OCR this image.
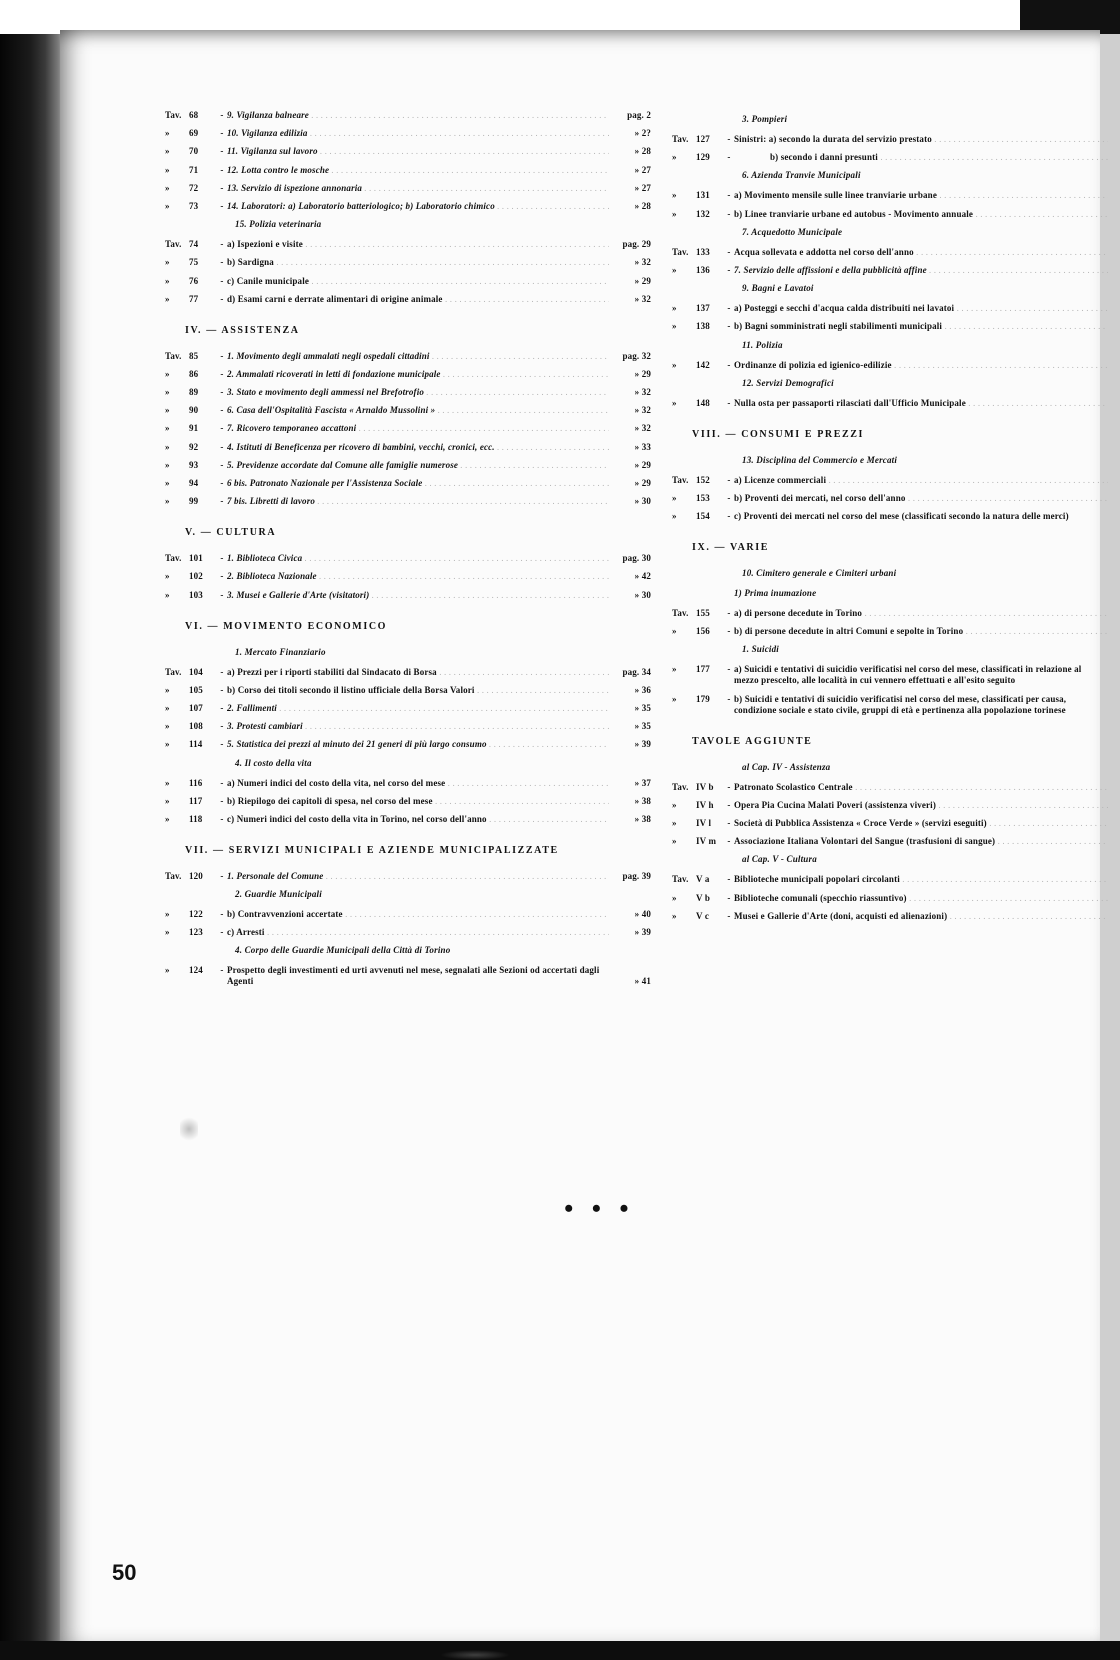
Tav. 68	- 9. Vigilanza balneare . . .	pag. 2
»	69	- 10. Vigilanza edilizia . . .	» 2?
»	70	- 11. Vigilanza sul lavoro . . .	» 28
»	71	- 12. Lotta contro le mosche . . .	» 27
»	72	- 13. Servizio di ispezione annonaria . . .	» 27
»	73	- 14. Laboratori: a) Laboratorio batteriologico; b) Laboratorio chimico . . .	» 28
15. Polizia veterinaria
Tav. 74	- a) Ispezioni e visite . . .	pag. 29
»	75	- b) Sardigna . . .	» 32
»	76	- c) Canile municipale . . .	» 29
»	77	- d) Esami carni e derrate alimentari di origine animale . . .	» 32
IV. — ASSISTENZA
Tav. 85	- 1. Movimento degli ammalati negli ospedali cittadini . . .	pag. 32
»	86	- 2. Ammalati ricoverati in letti di fondazione municipale . . .	» 29
»	89	- 3. Stato e movimento degli ammessi nel Brefotrofio . . .	» 32
»	90	- 6. Casa dell'Ospitalità Fascista « Arnaldo Mussolini » . . .	» 32
»	91	- 7. Ricovero temporaneo accattoni . . .	» 32
»	92	- 4. Istituti di Beneficenza per ricovero di bambini, vecchi, cronici, ecc. . . .	» 33
»	93	- 5. Previdenze accordate dal Comune alle famiglie numerose . . .	» 29
»	94	- 6 bis. Patronato Nazionale per l'Assistenza Sociale . . .	» 29
»	99	- 7 bis. Libretti di lavoro . . .	» 30
V. — CULTURA
Tav. 101	- 1. Biblioteca Civica . . .	pag. 30
»	102	- 2. Biblioteca Nazionale . . .	» 42
»	103	- 3. Musei e Gallerie d'Arte (visitatori) . . .	» 30
VI. — MOVIMENTO ECONOMICO
1. Mercato Finanziario
Tav. 104	- a) Prezzi per i riporti stabiliti dal Sindacato di Borsa . . .	pag. 34
»	105	- b) Corso dei titoli secondo il listino ufficiale della Borsa Valori . . .	» 36
»	107	- 2. Fallimenti . . .	» 35
»	108	- 3. Protesti cambiari . . .	» 35
»	114	- 5. Statistica dei prezzi al minuto dei 21 generi di più largo consumo . . .	» 39
4. Il costo della vita
»	116	- a) Numeri indici del costo della vita, nel corso del mese . . .	» 37
»	117	- b) Riepilogo dei capitoli di spesa, nel corso del mese . . .	» 38
»	118	- c) Numeri indici del costo della vita in Torino, nel corso dell'anno . . .	» 38
VII. — SERVIZI MUNICIPALI E AZIENDE MUNICIPALIZZATE
Tav. 120	- 1. Personale del Comune . . .	pag. 39
2. Guardie Municipali
»	122	- b) Contravvenzioni accertate . . .	» 40
»	123	- c) Arresti . . .	» 39
4. Corpo delle Guardie Municipali della Città di Torino
»	124	- Prospetto degli investimenti ed urti avvenuti nel mese, segnalati alle Sezioni od accertati dagli Agenti	» 41
3. Pompieri
Tav. 127	- Sinistri: a) secondo la durata del servizio prestato . . .
»	129	-	b) secondo i danni presunti . . .
6. Azienda Tranvie Municipali
»	131	- a) Movimento mensile sulle linee tranviarie urbane . . .
»	132	- b) Linee tranviarie urbane ed autobus - Movimento annuale . . .
7. Acquedotto Municipale
Tav. 133	- Acqua sollevata e addotta nel corso dell'anno . . .
»	136	- 7. Servizio delle affissioni e della pubblicità affine . . .
9. Bagni e Lavatoi
»	137	- a) Posteggi e secchi d'acqua calda distribuiti nei lavatoi . . .
»	138	- b) Bagni somministrati negli stabilimenti municipali . . .
11. Polizia
»	142	- Ordinanze di polizia ed igienico-edilizie . . .
12. Servizi Demografici
»	148	- Nulla osta per passaporti rilasciati dall'Ufficio Municipale . . .
VIII. — CONSUMI E PREZZI
13. Disciplina del Commercio e Mercati
Tav. 152	- a) Licenze commerciali . . .
»	153	- b) Proventi dei mercati, nel corso dell'anno . . .
»	154	- c) Proventi dei mercati nel corso del mese (classificati secondo la natura delle merci)
IX. — VARIE
10. Cimitero generale e Cimiteri urbani
1) Prima inumazione
Tav. 155	- a) di persone decedute in Torino . . .
»	156	- b) di persone decedute in altri Comuni e sepolte in Torino . . .
1. Suicidi
»	177	- a) Suicidi e tentativi di suicidio verificatisi nel corso del mese, classificati in relazione al mezzo prescelto, alle località in cui vennero effettuati e all'esito seguito
»	179	- b) Suicidi e tentativi di suicidio verificatisi nel corso del mese, classificati per causa, condizione sociale e stato civile, gruppi di età e pertinenza alla popolazione torinese
TAVOLE AGGIUNTE
al Cap. IV - Assistenza
Tav. IV b	- Patronato Scolastico Centrale . . .
»	IV h	- Opera Pia Cucina Malati Poveri (assistenza viveri) . . .
»	IV l	- Società di Pubblica Assistenza « Croce Verde » (servizi eseguiti) . . .
»	IV m	- Associazione Italiana Volontari del Sangue (trasfusioni di sangue) . . .
al Cap. V - Cultura
Tav. V a	- Biblioteche municipali popolari circolanti . . .
»	V b	- Biblioteche comunali (specchio riassuntivo) . . .
»	V c	- Musei e Gallerie d'Arte (doni, acquisti ed alienazioni) . . .
• • •
50
